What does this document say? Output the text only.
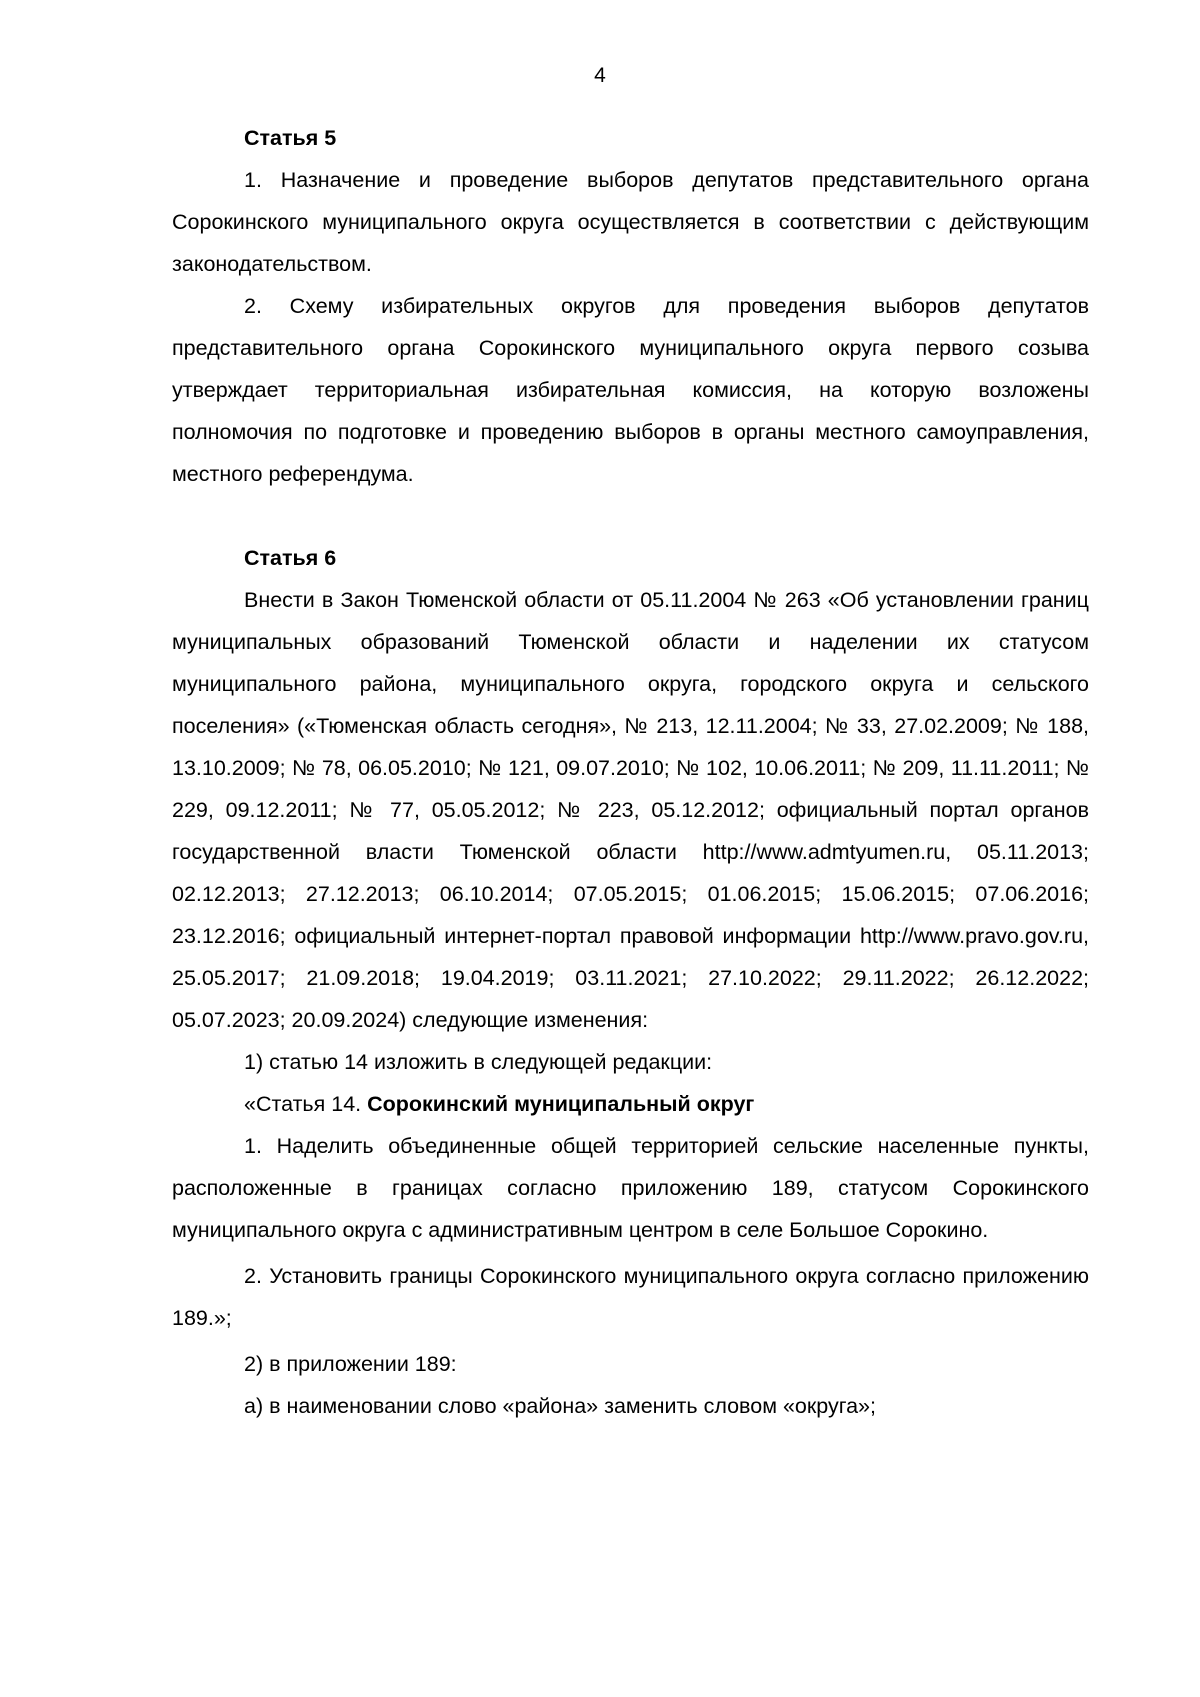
4

Статья 5

1. Назначение и проведение выборов депутатов представительного органа Сорокинского муниципального округа осуществляется в соответствии с действующим законодательством.

2. Схему избирательных округов для проведения выборов депутатов представительного органа Сорокинского муниципального округа первого созыва утверждает территориальная избирательная комиссия, на которую возложены полномочия по подготовке и проведению выборов в органы местного самоуправления, местного референдума.

Статья 6

Внести в Закон Тюменской области от 05.11.2004 № 263 «Об установлении границ муниципальных образований Тюменской области и наделении их статусом муниципального района, муниципального округа, городского округа и сельского поселения» («Тюменская область сегодня», № 213, 12.11.2004; № 33, 27.02.2009; № 188, 13.10.2009; № 78, 06.05.2010; № 121, 09.07.2010; № 102, 10.06.2011; № 209, 11.11.2011; № 229, 09.12.2011; № 77, 05.05.2012; № 223, 05.12.2012; официальный портал органов государственной власти Тюменской области http://www.admtyumen.ru, 05.11.2013; 02.12.2013; 27.12.2013; 06.10.2014; 07.05.2015; 01.06.2015; 15.06.2015; 07.06.2016; 23.12.2016; официальный интернет-портал правовой информации http://www.pravo.gov.ru, 25.05.2017; 21.09.2018; 19.04.2019; 03.11.2021; 27.10.2022; 29.11.2022; 26.12.2022; 05.07.2023; 20.09.2024) следующие изменения:

1) статью 14 изложить в следующей редакции:

«Статья 14. Сорокинский муниципальный округ

1. Наделить объединенные общей территорией сельские населенные пункты, расположенные в границах согласно приложению 189, статусом Сорокинского муниципального округа с административным центром в селе Большое Сорокино.

2. Установить границы Сорокинского муниципального округа согласно приложению 189.»;

2) в приложении 189:

а) в наименовании слово «района» заменить словом «округа»;
